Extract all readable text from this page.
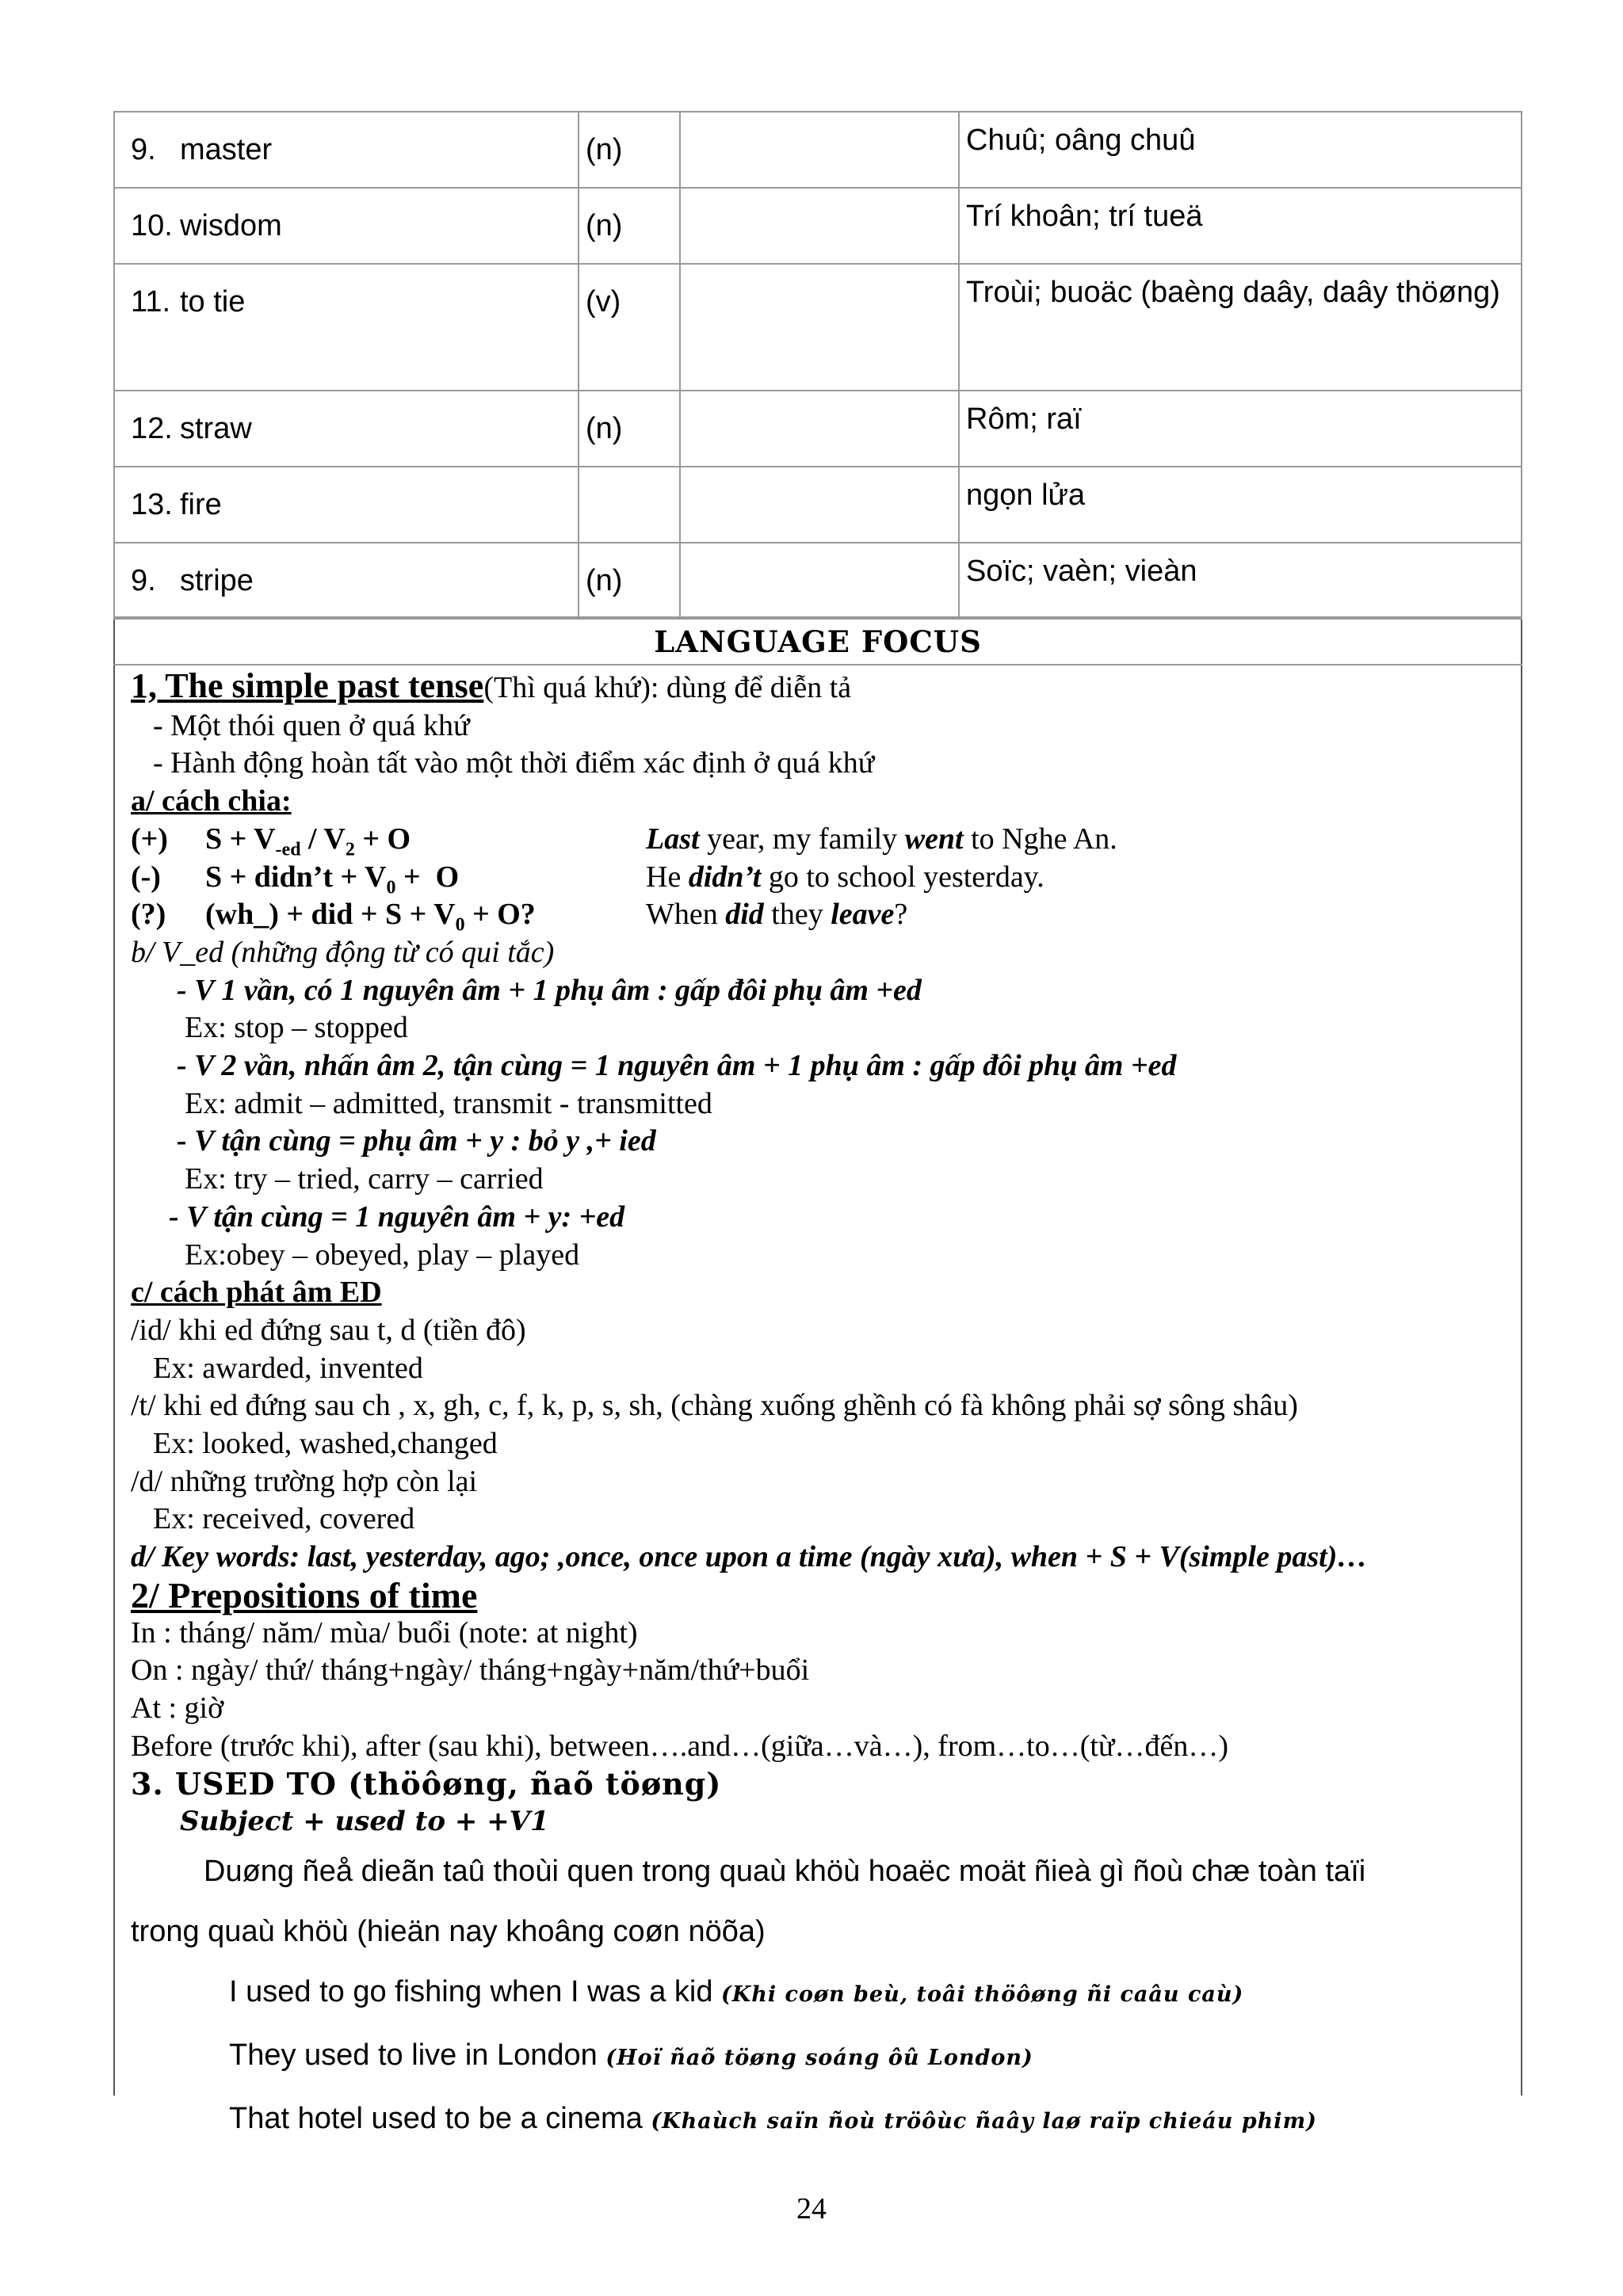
9. master	(n)		Chuû; oâng chuû
10. wisdom	(n)		Trí khoân; trí tueä
11. to tie	(v)		Troùi; buoäc (baèng daây, daây thöøng)
12. straw	(n)		Rôm; raï
13. fire			ngọn lửa
9. stripe	(n)		Soïc; vaèn; vieàn
LANGUAGE FOCUS
1, The simple past tense(Thì quá khứ): dùng để diễn tả
- Một thói quen ở quá khứ
- Hành động hoàn tất vào một thời điểm xác định ở quá khứ
a/ cách chia:
(+) $S + V_{-ed} / V_2 + O$	Last year, my family went to Nghe An.

(-) S + didn’t + $V_0 + O$	He didn’t go to school yesterday.

(?) (wh_) + did + $S + V_0 + O$?	When did they leave?

b/ V_ed (những động từ có qui tắc)
- V 1 vần, có 1 nguyên âm + 1 phụ âm : gấp đôi phụ âm +ed
Ex: stop – stopped
- V 2 vần, nhấn âm 2, tận cùng = 1 nguyên âm + 1 phụ âm : gấp đôi phụ âm +ed
Ex: admit – admitted, transmit - transmitted
- V tận cùng = phụ âm + y : bỏ y ,+ ied
Ex: try – tried, carry – carried
- V tận cùng = 1 nguyên âm + y: +ed
Ex:obey – obeyed, play – played
c/ cách phát âm ED
/id/ khi ed đứng sau t, d (tiền đô)
Ex: awarded, invented
/t/ khi ed đứng sau ch , x, gh, c, f, k, p, s, sh, (chàng xuống ghềnh có fà không phải sợ sông shâu)
Ex: looked, washed,changed
/d/ những trường hợp còn lại
Ex: received, covered
d/ Key words: last, yesterday, ago; ,once, once upon a time (ngày xưa), when + S + V(simple past)…
2/ Prepositions of time
In : tháng/ năm/ mùa/ buổi (note: at night)
On : ngày/ thứ/ tháng+ngày/ tháng+ngày+năm/thứ+buổi
At : giờ
Before (trước khi), after (sau khi), between….and…(giữa…và…), from…to…(từ…đến…)
3. USED TO (thöôøng, ñaõ töøng)
Subject + used to + +V1
Duøng ñeå dieãn taû thoùi quen trong quaù khöù hoaëc moät ñieà gì ñoù chæ toàn taïi
trong quaù khöù (hieän nay khoâng coøn nöõa)
I used to go fishing when I was a kid (Khi coøn beù, toâi thöôøng ñi caâu caù)
They used to live in London (Hoï ñaõ töøng soáng ôû London)
That hotel used to be a cinema (Khaùch saïn ñoù tröôùc ñaây laø raïp chieáu phim)
24
